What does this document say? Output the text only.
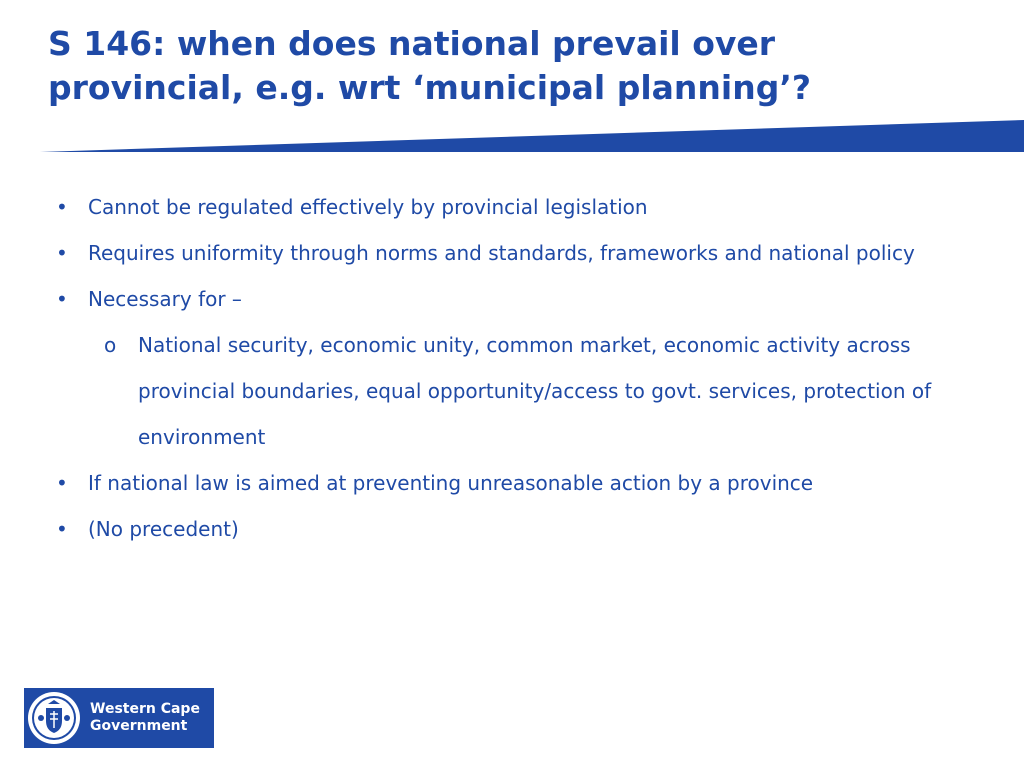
S 146: when does national prevail over
provincial, e.g. wrt ‘municipal planning’?
•	Cannot be regulated effectively by provincial legislation
•	Requires uniformity through norms and standards, frameworks and national policy
•	Necessary for –
o	National security, economic unity, common market, economic activity across provincial boundaries, equal opportunity/access to govt. services, protection of environment
•	If national law is aimed at preventing unreasonable action by a province
•	(No precedent)
Western Cape
Government
